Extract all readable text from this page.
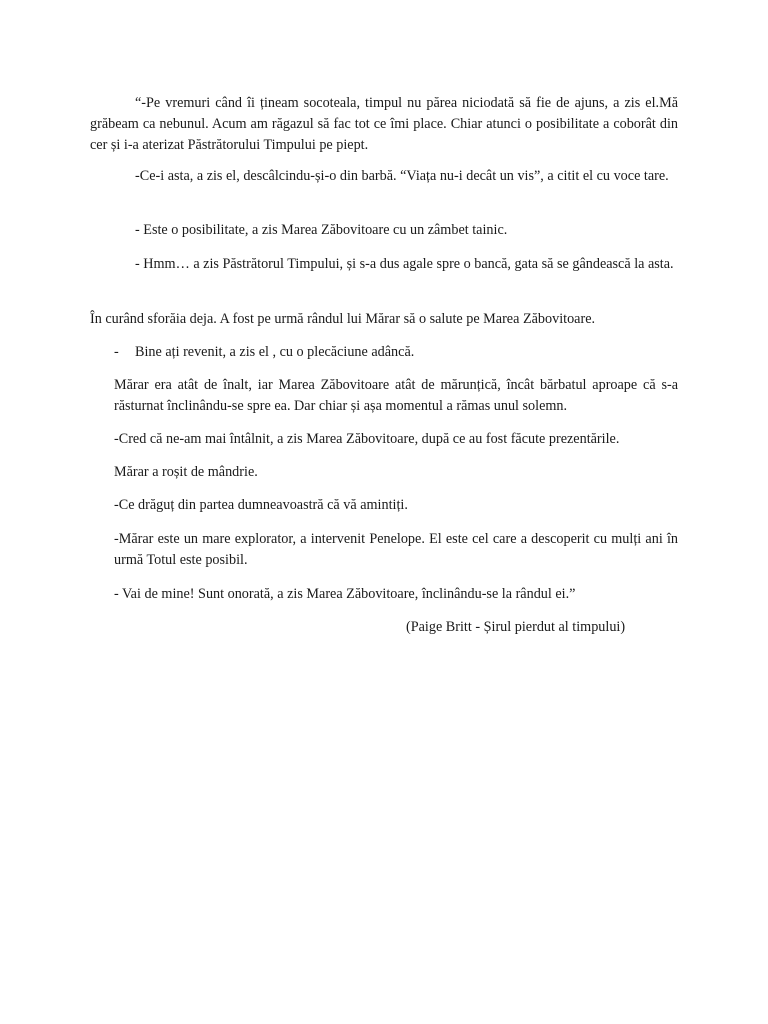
“-Pe vremuri când îi țineam socoteala, timpul nu părea niciodată să fie de ajuns, a zis el.Mă grăbeam ca nebunul. Acum am răgazul să fac tot ce îmi place. Chiar atunci o posibilitate a coborât din cer și i-a aterizat Păstrătorului Timpului pe piept.

-Ce-i asta, a zis el, descâlcindu-și-o din barbă. “Viața nu-i decât un vis”, a citit el cu voce tare.

- Este o posibilitate, a zis Marea Zăbovitoare cu un zâmbet tainic.

- Hmm… a zis Păstrătorul Timpului, și s-a dus agale spre o bancă, gata să se gândească la asta.

În curând sforăia deja. A fost pe urmă rândul lui Mărar să o salute pe Marea Zăbovitoare.

- Bine ați revenit, a zis el , cu o plecăciune adâncă.

Mărar era atât de înalt, iar Marea Zăbovitoare atât de mărunțică, încât bărbatul aproape că s-a răsturnat înclinându-se spre ea. Dar chiar și așa momentul a rămas unul solemn.

-Cred că ne-am mai întâlnit, a zis Marea Zăbovitoare, după ce au fost făcute prezentările.

Mărar a roșit de mândrie.

-Ce drăguț din partea dumneavoastră că vă amintiți.

-Mărar este un mare explorator, a intervenit Penelope. El este cel care a descoperit cu mulți ani în urmă Totul este posibil.

- Vai de mine! Sunt onorată, a zis Marea Zăbovitoare, înclinându-se la rândul ei.”

(Paige Britt - Șirul pierdut al timpului)
